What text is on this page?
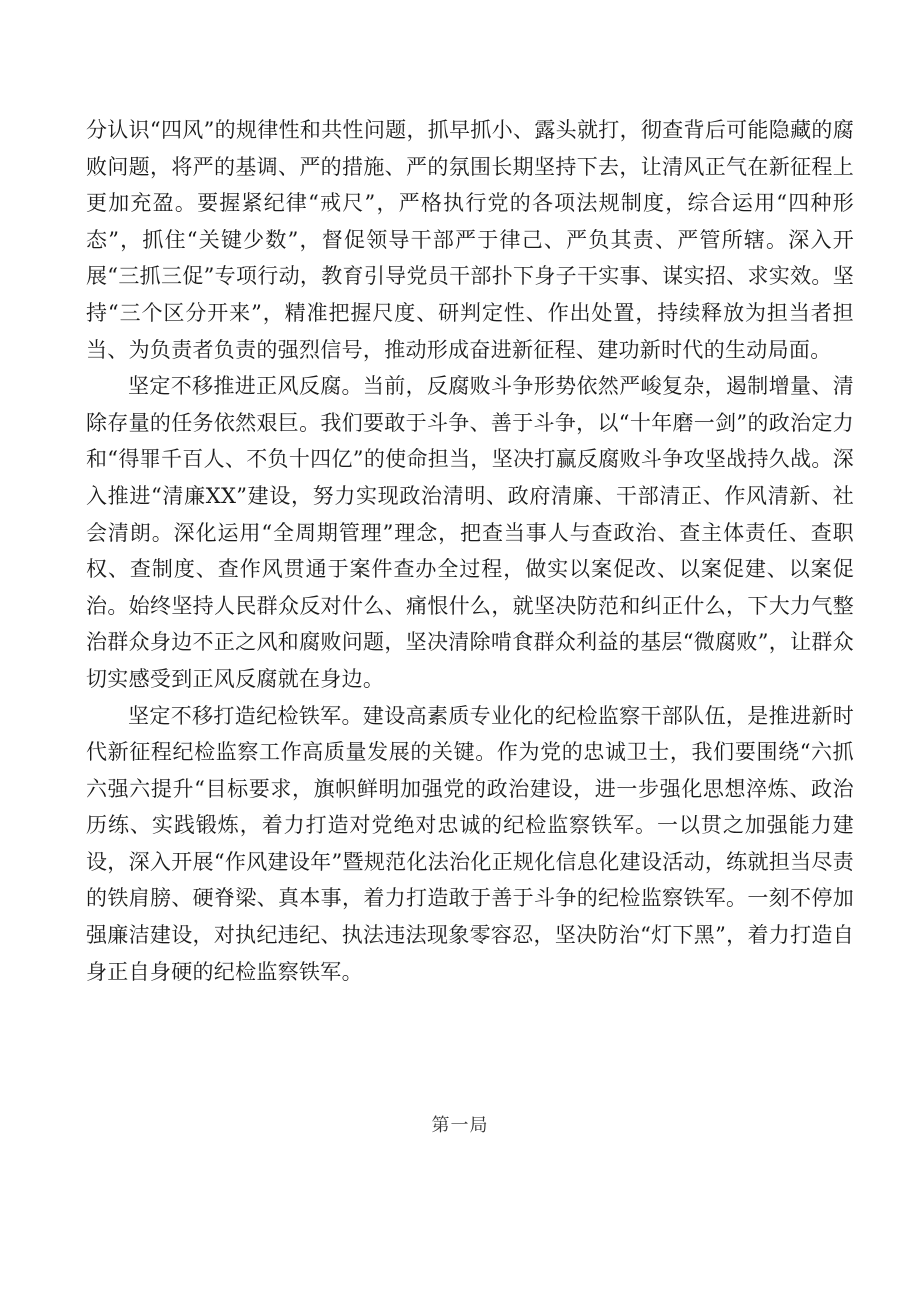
分认识“四风”的规律性和共性问题，抓早抓小、露头就打，彻查背后可能隐藏的腐败问题，将严的基调、严的措施、严的氛围长期坚持下去，让清风正气在新征程上更加充盈。要握紧纪律“戒尺”，严格执行党的各项法规制度，综合运用“四种形态”，抓住“关键少数”，督促领导干部严于律己、严负其责、严管所辖。深入开展“三抓三促”专项行动，教育引导党员干部扑下身子干实事、谋实招、求实效。坚持“三个区分开来”，精准把握尺度、研判定性、作出处置，持续释放为担当者担当、为负责者负责的强烈信号，推动形成奋进新征程、建功新时代的生动局面。

坚定不移推进正风反腐。当前，反腐败斗争形势依然严峻复杂，遏制增量、清除存量的任务依然艰巨。我们要敢于斗争、善于斗争，以“十年磨一剑”的政治定力和“得罪千百人、不负十四亿”的使命担当，坚决打赢反腐败斗争攻坚战持久战。深入推进“清廉XX”建设，努力实现政治清明、政府清廉、干部清正、作风清新、社会清朗。深化运用“全周期管理”理念，把查当事人与查政治、查主体责任、查职权、查制度、查作风贯通于案件查办全过程，做实以案促改、以案促建、以案促治。始终坚持人民群众反对什么、痛恨什么，就坚决防范和纠正什么，下大力气整治群众身边不正之风和腐败问题，坚决清除啃食群众利益的基层“微腐败”，让群众切实感受到正风反腐就在身边。

坚定不移打造纪检铁军。建设高素质专业化的纪检监察干部队伍，是推进新时代新征程纪检监察工作高质量发展的关键。作为党的忠诚卫士，我们要围绕“六抓六强六提升“目标要求，旗帜鲜明加强党的政治建设，进一步强化思想淬炼、政治历练、实践锻炼，着力打造对党绝对忠诚的纪检监察铁军。一以贯之加强能力建设，深入开展“作风建设年”暨规范化法治化正规化信息化建设活动，练就担当尽责的铁肩膀、硬脊梁、真本事，着力打造敢于善于斗争的纪检监察铁军。一刻不停加强廉洁建设，对执纪违纪、执法违法现象零容忍，坚决防治“灯下黑”，着力打造自身正自身硬的纪检监察铁军。

第一局
